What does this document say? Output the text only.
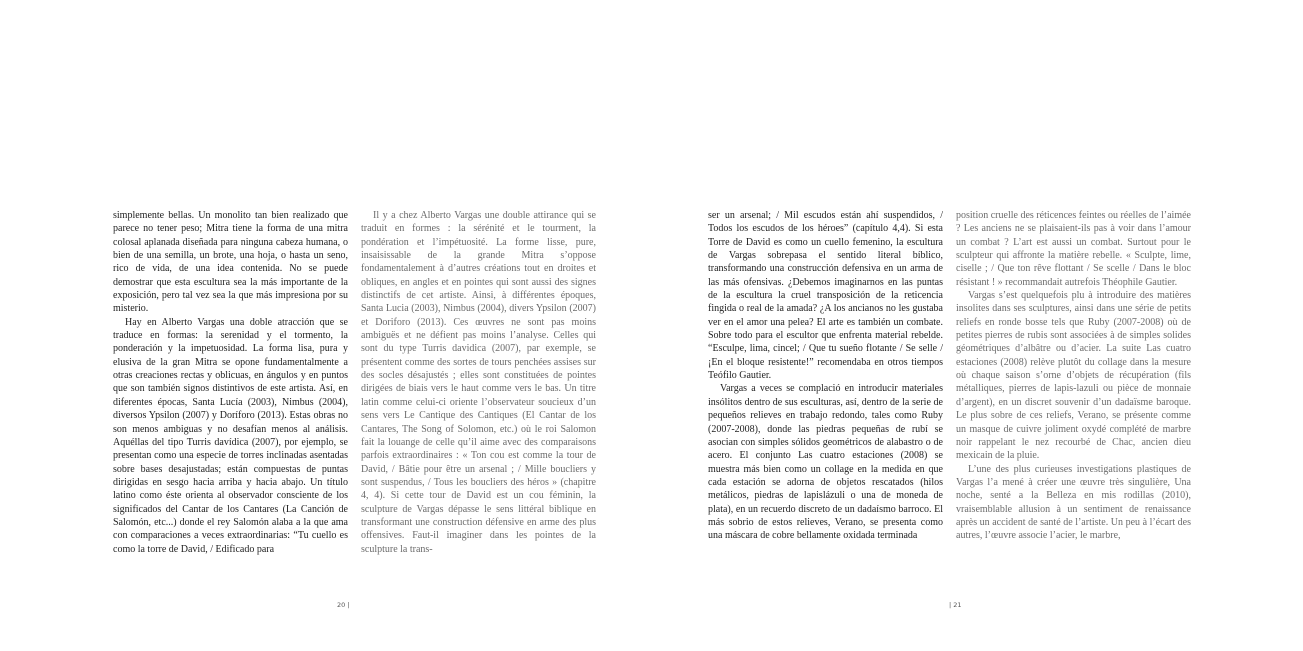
simplemente bellas. Un monolito tan bien realizado que parece no tener peso; Mitra tiene la forma de una mitra colosal aplanada diseñada para ninguna cabeza humana, o bien de una semilla, un brote, una hoja, o hasta un seno, rico de vida, de una idea contenida. No se puede demostrar que esta escultura sea la más importante de la exposición, pero tal vez sea la que más impresiona por su misterio.

Hay en Alberto Vargas una doble atracción que se traduce en formas: la serenidad y el tormento, la ponderación y la impetuosidad. La forma lisa, pura y elusiva de la gran Mitra se opone fundamentalmente a otras creaciones rectas y oblicuas, en ángulos y en puntos que son también signos distintivos de este artista. Así, en diferentes épocas, Santa Lucía (2003), Nimbus (2004), diversos Ypsilon (2007) y Doríforo (2013). Estas obras no son menos ambiguas y no desafían menos al análisis. Aquéllas del tipo Turris davídica (2007), por ejemplo, se presentan como una especie de torres inclinadas asentadas sobre bases desajustadas; están compuestas de puntas dirigidas en sesgo hacia arriba y hacia abajo. Un título latino como éste orienta al observador consciente de los significados del Cantar de los Cantares (La Canción de Salomón, etc...) donde el rey Salomón alaba a la que ama con comparaciones a veces extraordinarias: “Tu cuello es como la torre de David, / Edificado para

Il y a chez Alberto Vargas une double attirance qui se traduit en formes : la sérénité et le tourment, la pondération et l’impétuosité. La forme lisse, pure, insaisissable de la grande Mitra s’oppose fondamentalement à d’autres créations tout en droites et obliques, en angles et en pointes qui sont aussi des signes distinctifs de cet artiste. Ainsi, à différentes époques, Santa Lucia (2003), Nimbus (2004), divers Ypsilon (2007) et Doriforo (2013). Ces œuvres ne sont pas moins ambiguës et ne défient pas moins l’analyse. Celles qui sont du type Turris davidica (2007), par exemple, se présentent comme des sortes de tours penchées assises sur des socles désajustés ; elles sont constituées de pointes dirigées de biais vers le haut comme vers le bas. Un titre latin comme celui-ci oriente l’observateur soucieux d’un sens vers Le Cantique des Cantiques (El Cantar de los Cantares, The Song of Solomon, etc.) où le roi Salomon fait la louange de celle qu’il aime avec des comparaisons parfois extraordinaires : « Ton cou est comme la tour de David, / Bâtie pour être un arsenal ; / Mille boucliers y sont suspendus, / Tous les boucliers des héros » (chapitre 4, 4). Si cette tour de David est un cou féminin, la sculpture de Vargas dépasse le sens littéral biblique en transformant une construction défensive en arme des plus offensives. Faut-il imaginer dans les pointes de la sculpture la trans-

20 |

ser un arsenal; / Mil escudos están ahí suspendidos, / Todos los escudos de los héroes” (capítulo 4,4). Si esta Torre de David es como un cuello femenino, la escultura de Vargas sobrepasa el sentido literal bíblico, transformando una construcción defensiva en un arma de las más ofensivas. ¿Debemos imaginarnos en las puntas de la escultura la cruel transposición de la reticencia fingida o real de la amada? ¿A los ancianos no les gustaba ver en el amor una pelea? El arte es también un combate. Sobre todo para el escultor que enfrenta material rebelde. “Esculpe, lima, cincel; / Que tu sueño flotante / Se selle / ¡En el bloque resistente!” recomendaba en otros tiempos Teófilo Gautier.

Vargas a veces se complació en introducir materiales insólitos dentro de sus esculturas, así, dentro de la serie de pequeños relieves en trabajo redondo, tales como Ruby (2007-2008), donde las piedras pequeñas de rubí se asocian con simples sólidos geométricos de alabastro o de acero. El conjunto Las cuatro estaciones (2008) se muestra más bien como un collage en la medida en que cada estación se adorna de objetos rescatados (hilos metálicos, piedras de lapislázuli o una de moneda de plata), en un recuerdo discreto de un dadaísmo barroco. El más sobrio de estos relieves, Verano, se presenta como una máscara de cobre bellamente oxidada terminada

position cruelle des réticences feintes ou réelles de l’aimée ? Les anciens ne se plaisaient-ils pas à voir dans l’amour un combat ? L’art est aussi un combat. Surtout pour le sculpteur qui affronte la matière rebelle. « Sculpte, lime, ciselle ; / Que ton rêve flottant / Se scelle / Dans le bloc résistant ! » recommandait autrefois Théophile Gautier.

Vargas s’est quelquefois plu à introduire des matières insolites dans ses sculptures, ainsi dans une série de petits reliefs en ronde bosse tels que Ruby (2007-2008) où de petites pierres de rubis sont associées à de simples solides géométriques d’albâtre ou d’acier. La suite Las cuatro estaciones (2008) relève plutôt du collage dans la mesure où chaque saison s’orne d’objets de récupération (fils métalliques, pierres de lapis-lazuli ou pièce de monnaie d’argent), en un discret souvenir d’un dadaïsme baroque. Le plus sobre de ces reliefs, Verano, se présente comme un masque de cuivre joliment oxydé complété de marbre noir rappelant le nez recourbé de Chac, ancien dieu mexicain de la pluie.

L’une des plus curieuses investigations plastiques de Vargas l’a mené à créer une œuvre très singulière, Una noche, senté a la Belleza en mis rodillas (2010), vraisemblable allusion à un sentiment de renaissance après un accident de santé de l’artiste. Un peu à l’écart des autres, l’œuvre associe l’acier, le marbre,

| 21
